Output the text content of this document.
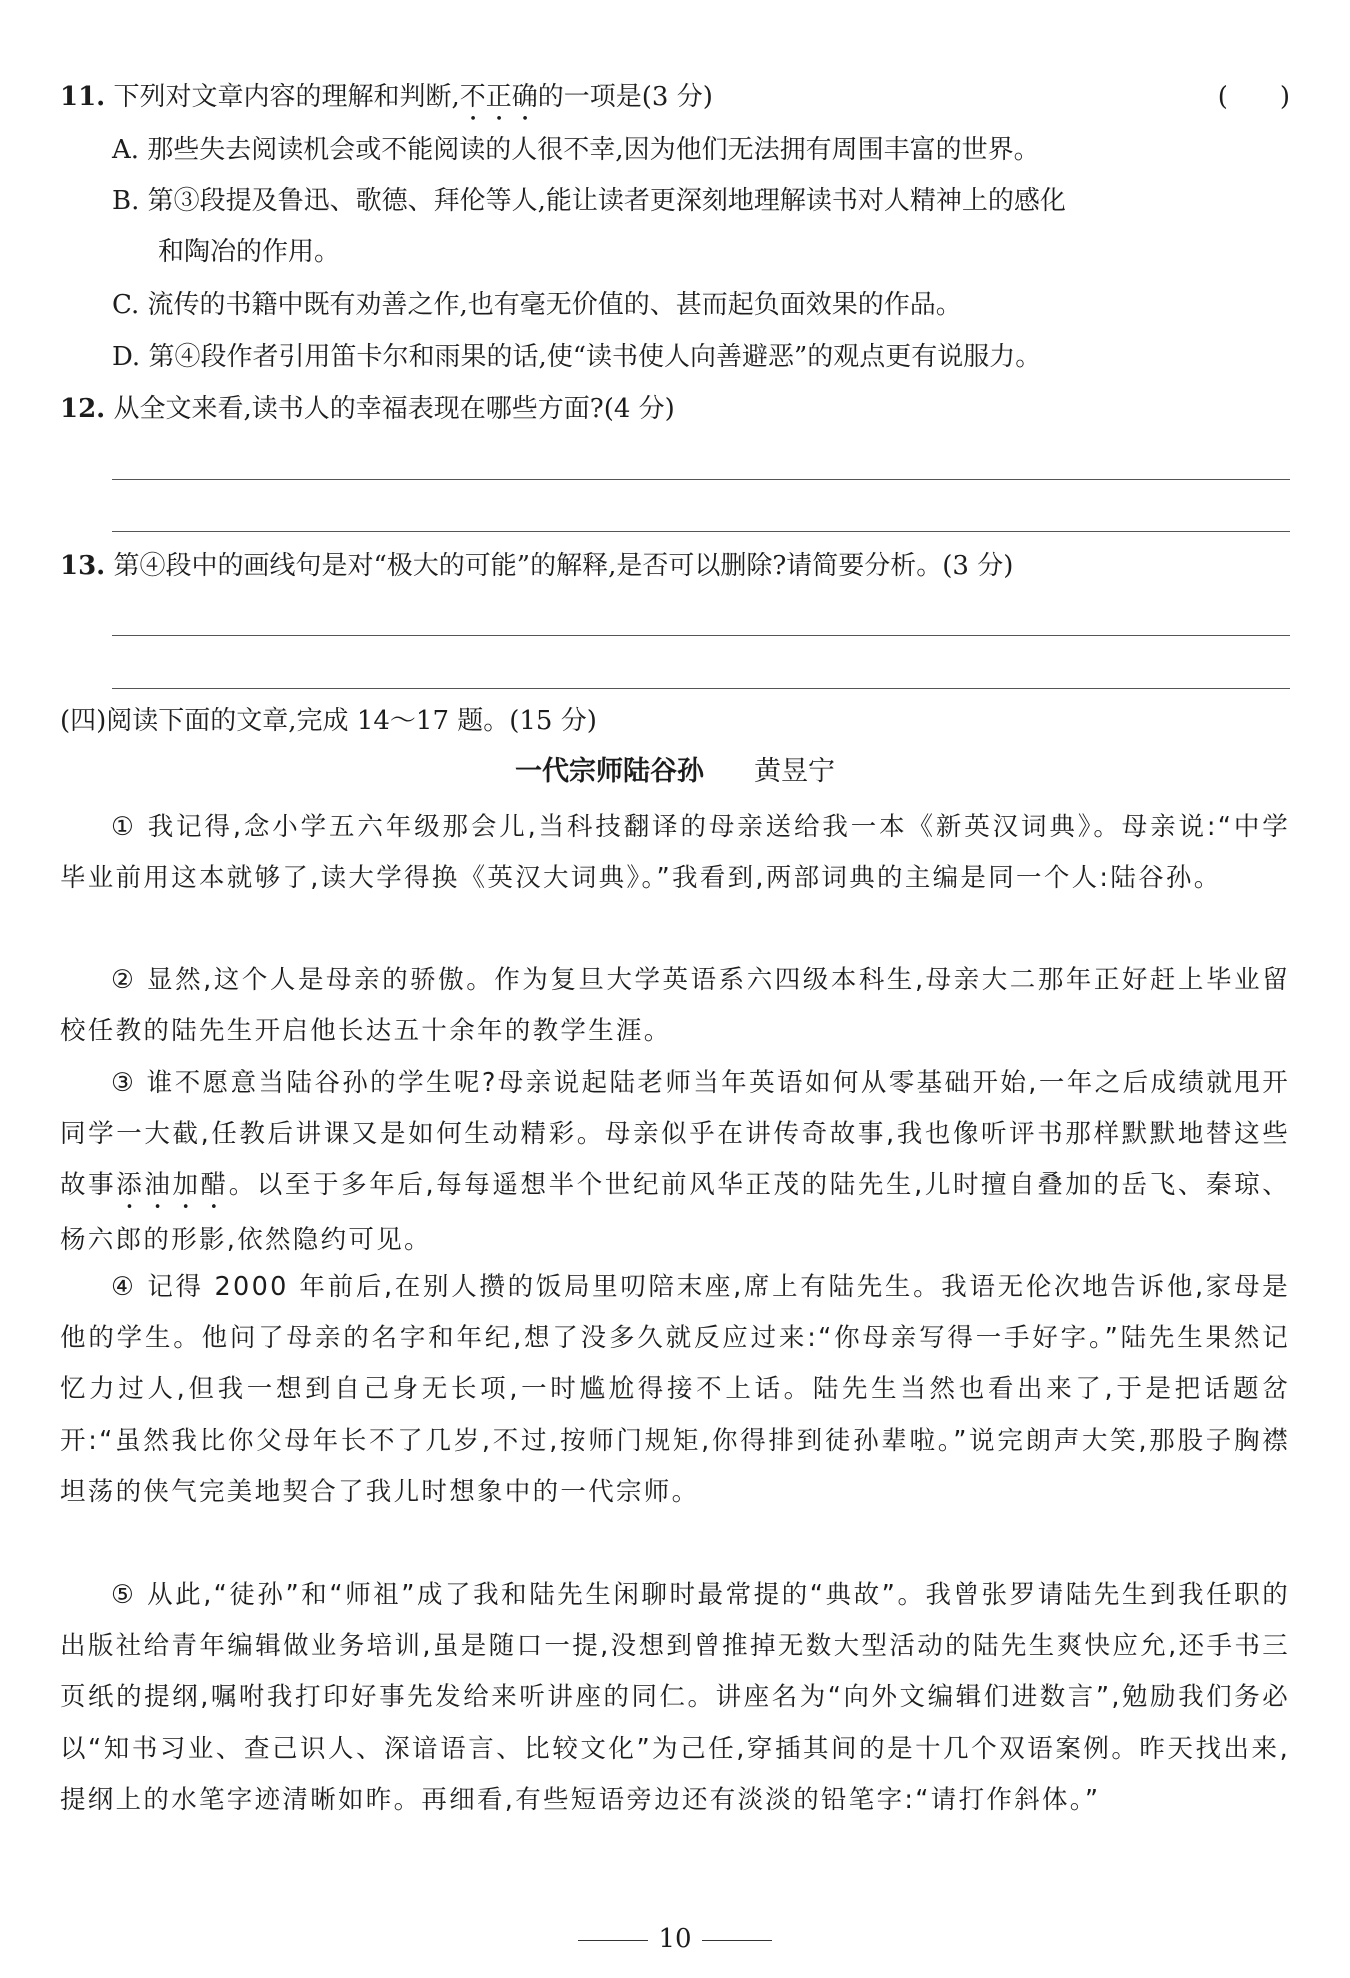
11. 下列对文章内容的理解和判断,不正确的一项是(3 分)	(　　)
A. 那些失去阅读机会或不能阅读的人很不幸,因为他们无法拥有周围丰富的世界。
B. 第③段提及鲁迅、歌德、拜伦等人,能让读者更深刻地理解读书对人精神上的感化
和陶冶的作用。
C. 流传的书籍中既有劝善之作,也有毫无价值的、甚而起负面效果的作品。
D. 第④段作者引用笛卡尔和雨果的话,使“读书使人向善避恶”的观点更有说服力。
12. 从全文来看,读书人的幸福表现在哪些方面?(4 分)
13. 第④段中的画线句是对“极大的可能”的解释,是否可以删除?请简要分析。(3 分)
(四)阅读下面的文章,完成 14～17 题。(15 分)
一代宗师陆谷孙 黄昱宁

① 我记得,念小学五六年级那会儿,当科技翻译的母亲送给我一本《新英汉词典》。母亲说:“中学毕业前用这本就够了,读大学得换《英汉大词典》。”我看到,两部词典的主编是同一个人:陆谷孙。

② 显然,这个人是母亲的骄傲。作为复旦大学英语系六四级本科生,母亲大二那年正好赶上毕业留校任教的陆先生开启他长达五十余年的教学生涯。

③ 谁不愿意当陆谷孙的学生呢?母亲说起陆老师当年英语如何从零基础开始,一年之后成绩就甩开同学一大截,任教后讲课又是如何生动精彩。母亲似乎在讲传奇故事,我也像听评书那样默默地替这些故事添油加醋。以至于多年后,每每遥想半个世纪前风华正茂的陆先生,儿时擅自叠加的岳飞、秦琼、杨六郎的形影,依然隐约可见。

④ 记得 2000 年前后,在别人攒的饭局里叨陪末座,席上有陆先生。我语无伦次地告诉他,家母是他的学生。他问了母亲的名字和年纪,想了没多久就反应过来:“你母亲写得一手好字。”陆先生果然记忆力过人,但我一想到自己身无长项,一时尴尬得接不上话。陆先生当然也看出来了,于是把话题岔开:“虽然我比你父母年长不了几岁,不过,按师门规矩,你得排到徒孙辈啦。”说完朗声大笑,那股子胸襟坦荡的侠气完美地契合了我儿时想象中的一代宗师。

⑤ 从此,“徒孙”和“师祖”成了我和陆先生闲聊时最常提的“典故”。我曾张罗请陆先生到我任职的出版社给青年编辑做业务培训,虽是随口一提,没想到曾推掉无数大型活动的陆先生爽快应允,还手书三页纸的提纲,嘱咐我打印好事先发给来听讲座的同仁。讲座名为“向外文编辑们进数言”,勉励我们务必以“知书习业、查己识人、深谙语言、比较文化”为己任,穿插其间的是十几个双语案例。昨天找出来,提纲上的水笔字迹清晰如昨。再细看,有些短语旁边还有淡淡的铅笔字:“请打作斜体。”

10
